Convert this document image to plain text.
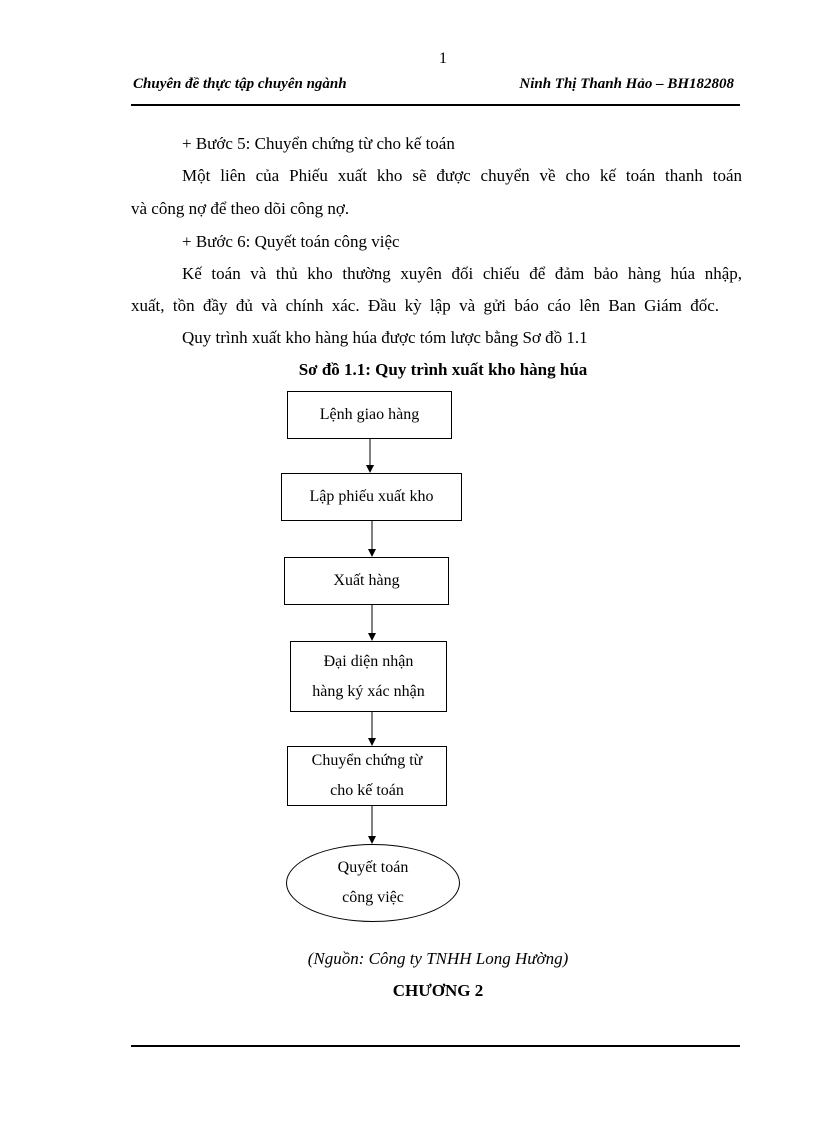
1
Chuyên đề thực tập chuyên ngành	Ninh Thị Thanh Hảo – BH182808
+ Bước 5: Chuyển chứng từ cho kế toán
Một liên của Phiếu xuất kho sẽ được chuyển về cho kế toán thanh toán
và công nợ để theo dõi công nợ.
+ Bước 6: Quyết toán công việc
Kế toán và thủ kho thường xuyên đối chiếu để đảm bảo hàng húa nhập,
xuất, tồn đầy đủ và chính xác. Đầu kỳ lập và gửi báo cáo lên Ban Giám đốc.
Quy trình xuất kho hàng húa được tóm lược bằng Sơ đồ 1.1
Sơ đồ 1.1: Quy trình xuất kho hàng húa
Lệnh giao hàng
Lập phiếu xuất kho
Xuất hàng
Đại diện nhận
hàng ký xác nhận
Chuyển chứng từ
cho kế toán
Quyết toán
công việc
(Nguồn: Công ty TNHH Long Hường)
CHƯƠNG 2
